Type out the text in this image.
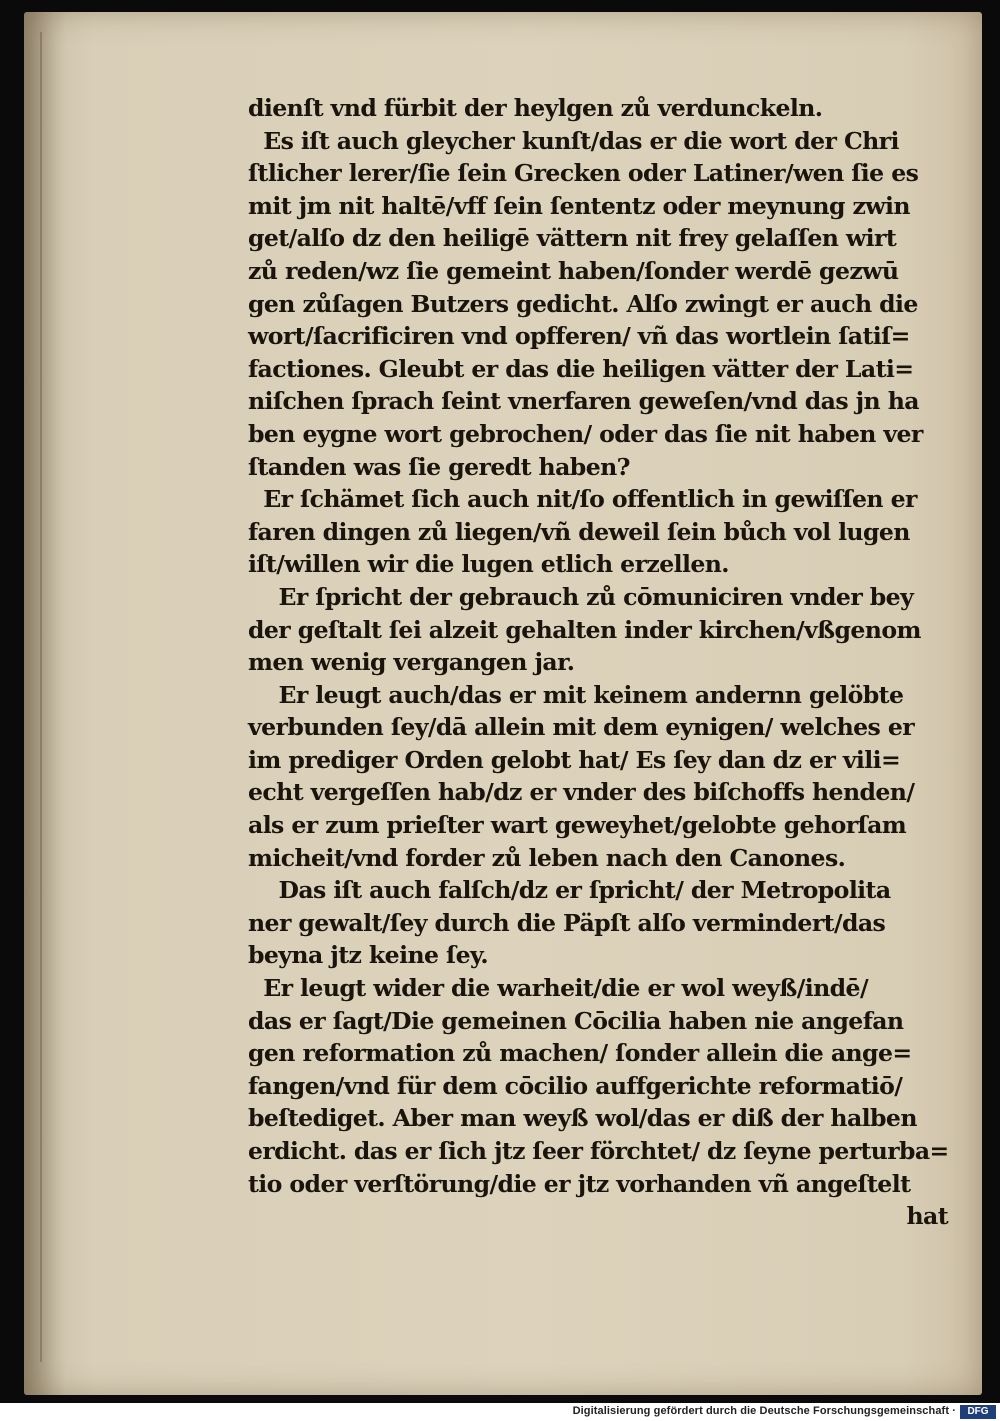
dienſt vnd fürbit der heylgen zů verdunckeln.
Es iſt auch gleycher kunſt/das er die wort der Chri
ſtlicher lerer/ſie ſein Grecken oder Latiner/wen ſie es
mit jm nit haltē/vff ſein ſententz oder meynung zwin
get/alſo dz den heiligē vättern nit frey gelaſſen wirt
zů reden/wz ſie gemeint haben/ſonder werdē gezwū
gen zůſagen Butzers gedicht. Alſo zwingt er auch die
wort/ſacrificiren vnd opfferen/ vñ das wortlein ſatiſ=
factiones. Gleubt er das die heiligen vätter der Lati=
niſchen ſprach ſeint vnerfaren geweſen/vnd das jn ha
ben eygne wort gebrochen/ oder das ſie nit haben ver
ſtanden was ſie geredt haben?
Er ſchämet ſich auch nit/ſo offentlich in gewiſſen er
faren dingen zů liegen/vñ deweil ſein bůch vol lugen
iſt/willen wir die lugen etlich erzellen.
Er ſpricht der gebrauch zů cōmuniciren vnder bey
der geſtalt ſei alzeit gehalten inder kirchen/vßgenom
men wenig vergangen jar.
Er leugt auch/das er mit keinem andernn gelöbte
verbunden ſey/dā allein mit dem eynigen/ welches er
im prediger Orden gelobt hat/ Es ſey dan dz er vili=
echt vergeſſen hab/dz er vnder des biſchoffs henden/
als er zum prieſter wart geweyhet/gelobte gehorſam
micheit/vnd forder zů leben nach den Canones.
Das iſt auch falſch/dz er ſpricht/ der Metropolita
ner gewalt/ſey durch die Päpſt alſo vermindert/das
beyna jtz keine ſey.
Er leugt wider die warheit/die er wol weyß/indē/
das er ſagt/Die gemeinen Cōcilia haben nie angefan
gen reformation zů machen/ ſonder allein die ange=
fangen/vnd für dem cōcilio auffgerichte reformatiō/
beſtediget. Aber man weyß wol/das er diß der halben
erdicht. das er ſich jtz ſeer förchtet/ dz ſeyne perturba=
tio oder verſtörung/die er jtz vorhanden vñ angeſtelt
hat
Digitalisierung gefördert durch die Deutsche Forschungsgemeinschaft ·	DFG
